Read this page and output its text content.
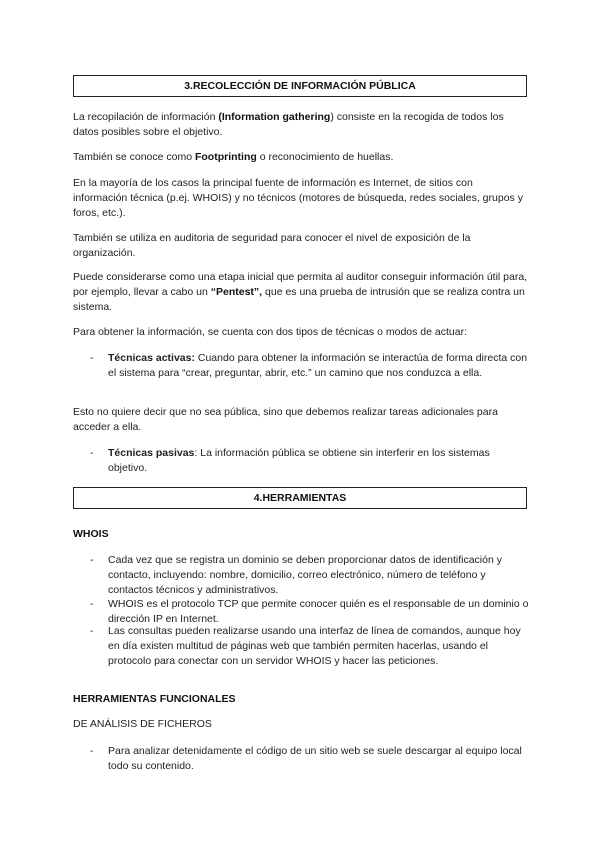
3.RECOLECCIÓN DE INFORMACIÓN PÚBLICA

La recopilación de información (Information gathering) consiste en la recogida de todos los datos posibles sobre el objetivo.

También se conoce como Footprinting o reconocimiento de huellas.

En la mayoría de los casos la principal fuente de información es Internet, de sitios con información técnica (p.ej. WHOIS) y no técnicos (motores de búsqueda, redes sociales, grupos y foros, etc.).

También se utiliza en auditoria de seguridad para conocer el nivel de exposición de la organización.

Puede considerarse como una etapa inicial que permita al auditor conseguir información útil para, por ejemplo, llevar a cabo un “Pentest”, que es una prueba de intrusión que se realiza contra un sistema.

Para obtener la información, se cuenta con dos tipos de técnicas o modos de actuar:

-	Técnicas activas: Cuando para obtener la información se interactúa de forma directa con el sistema para “crear, preguntar, abrir, etc.” un camino que nos conduzca a ella.

Esto no quiere decir que no sea pública, sino que debemos realizar tareas adicionales para acceder a ella.

-	Técnicas pasivas: La información pública se obtiene sin interferir en los sistemas objetivo.
4.HERRAMIENTAS
WHOIS
-	Cada vez que se registra un dominio se deben proporcionar datos de identificación y contacto, incluyendo: nombre, domicilio, correo electrónico, número de teléfono y contactos técnicos y administrativos.
-	WHOIS es el protocolo TCP que permite conocer quién es el responsable de un dominio o dirección IP en Internet.
-	Las consultas pueden realizarse usando una interfaz de línea de comandos, aunque hoy en día existen multitud de páginas web que también permiten hacerlas, usando el protocolo para conectar con un servidor WHOIS y hacer las peticiones.
HERRAMIENTAS FUNCIONALES
DE ANÁLISIS DE FICHEROS
-	Para analizar detenidamente el código de un sitio web se suele descargar al equipo local todo su contenido.
